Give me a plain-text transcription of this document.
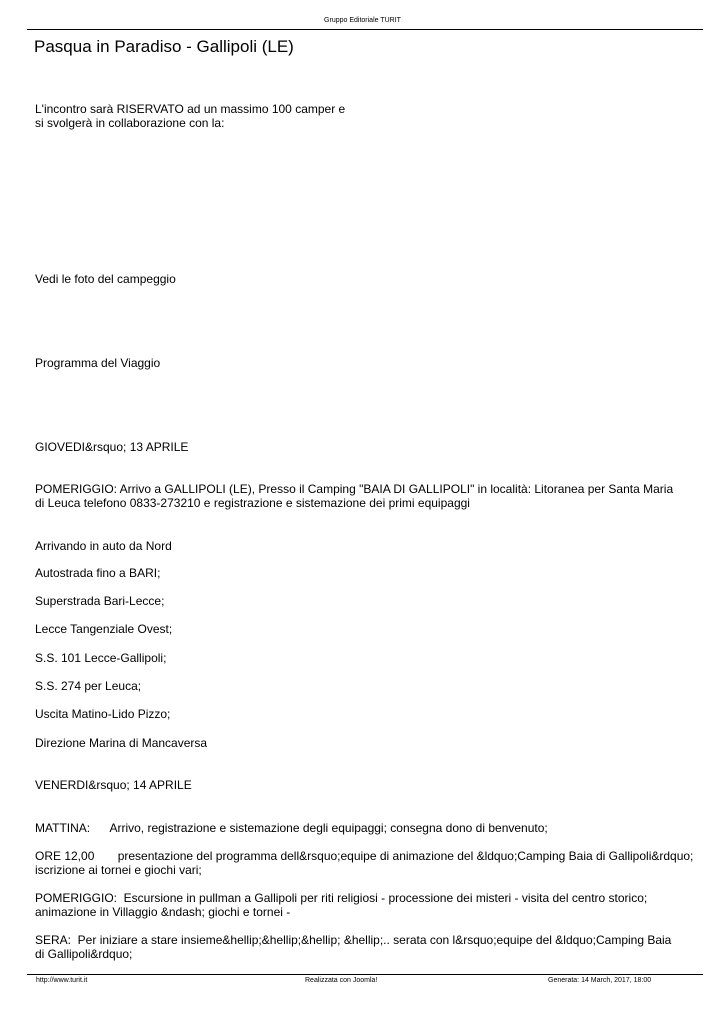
Gruppo Editoriale TURIT
Pasqua in Paradiso - Gallipoli (LE)
L'incontro sarà RISERVATO ad un massimo 100 camper e
si svolgerà in collaborazione con la:
Vedi le foto del campeggio
Programma del Viaggio
GIOVEDI&rsquo; 13 APRILE
POMERIGGIO: Arrivo a GALLIPOLI (LE), Presso il Camping "BAIA DI GALLIPOLI" in località: Litoranea per Santa Maria
di Leuca telefono 0833-273210 e registrazione e sistemazione dei primi equipaggi
Arrivando in auto da Nord
Autostrada fino a BARI;
Superstrada Bari-Lecce;
Lecce Tangenziale Ovest;
S.S. 101 Lecce-Gallipoli;
S.S. 274 per Leuca;
Uscita Matino-Lido Pizzo;
Direzione Marina di Mancaversa
VENERDI&rsquo; 14 APRILE
MATTINA:      Arrivo, registrazione e sistemazione degli equipaggi; consegna dono di benvenuto;
ORE 12,00       presentazione del programma dell&rsquo;equipe di animazione del &ldquo;Camping Baia di Gallipoli&rdquo;
iscrizione ai tornei e giochi vari;
POMERIGGIO:  Escursione in pullman a Gallipoli per riti religiosi - processione dei misteri - visita del centro storico;
animazione in Villaggio &ndash; giochi e tornei -
SERA:  Per iniziare a stare insieme&hellip;&hellip;&hellip; &hellip;.. serata con l&rsquo;equipe del &ldquo;Camping Baia
di Gallipoli&rdquo;
http://www.turit.it	Realizzata con Joomla!	Generata: 14 March, 2017, 18:00
